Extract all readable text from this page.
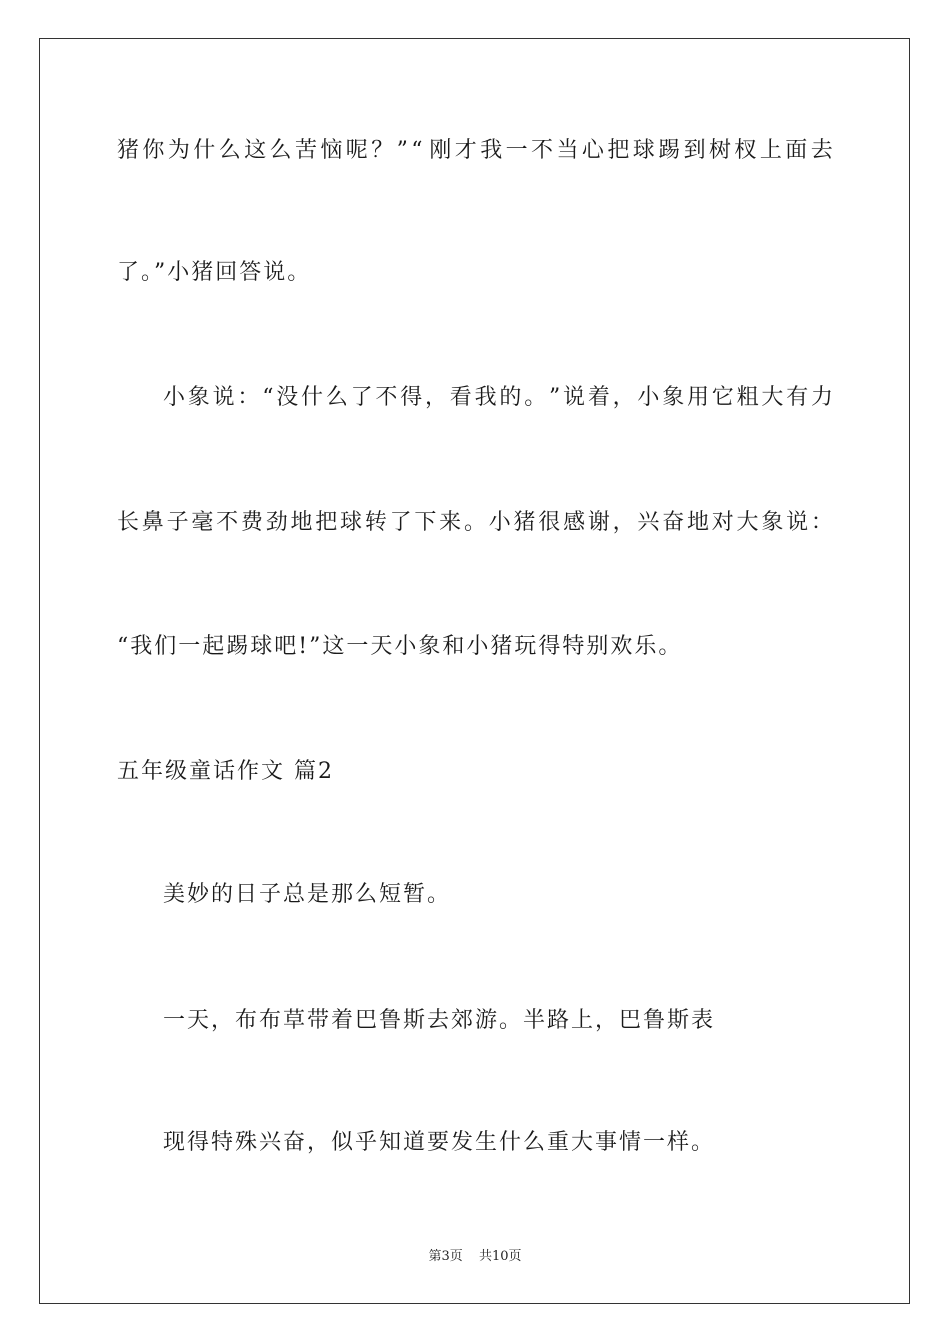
猪 你 为 什 么 这 么 苦 恼 呢 ？ ” “ 刚 才 我 一 不 当 心 把 球 踢 到 树 杈 上 面 去
了。”小猪回答说。
小 象 说 ： “ 没 什 么 了 不 得 ， 看 我 的 。 ” 说 着 ， 小 象 用 它 粗 大 有 力
长 鼻 子 毫 不 费 劲 地 把 球 转 了 下 来 。 小 猪 很 感 谢 ， 兴 奋 地 对 大 象 说 ：
“我们一起踢球吧!”这一天小象和小猪玩得特别欢乐。
五年级童话作文 篇2
美妙的日子总是那么短暂。
一天，布布草带着巴鲁斯去郊游。半路上，巴鲁斯表
现得特殊兴奋，似乎知道要发生什么重大事情一样。
第3页 共10页
